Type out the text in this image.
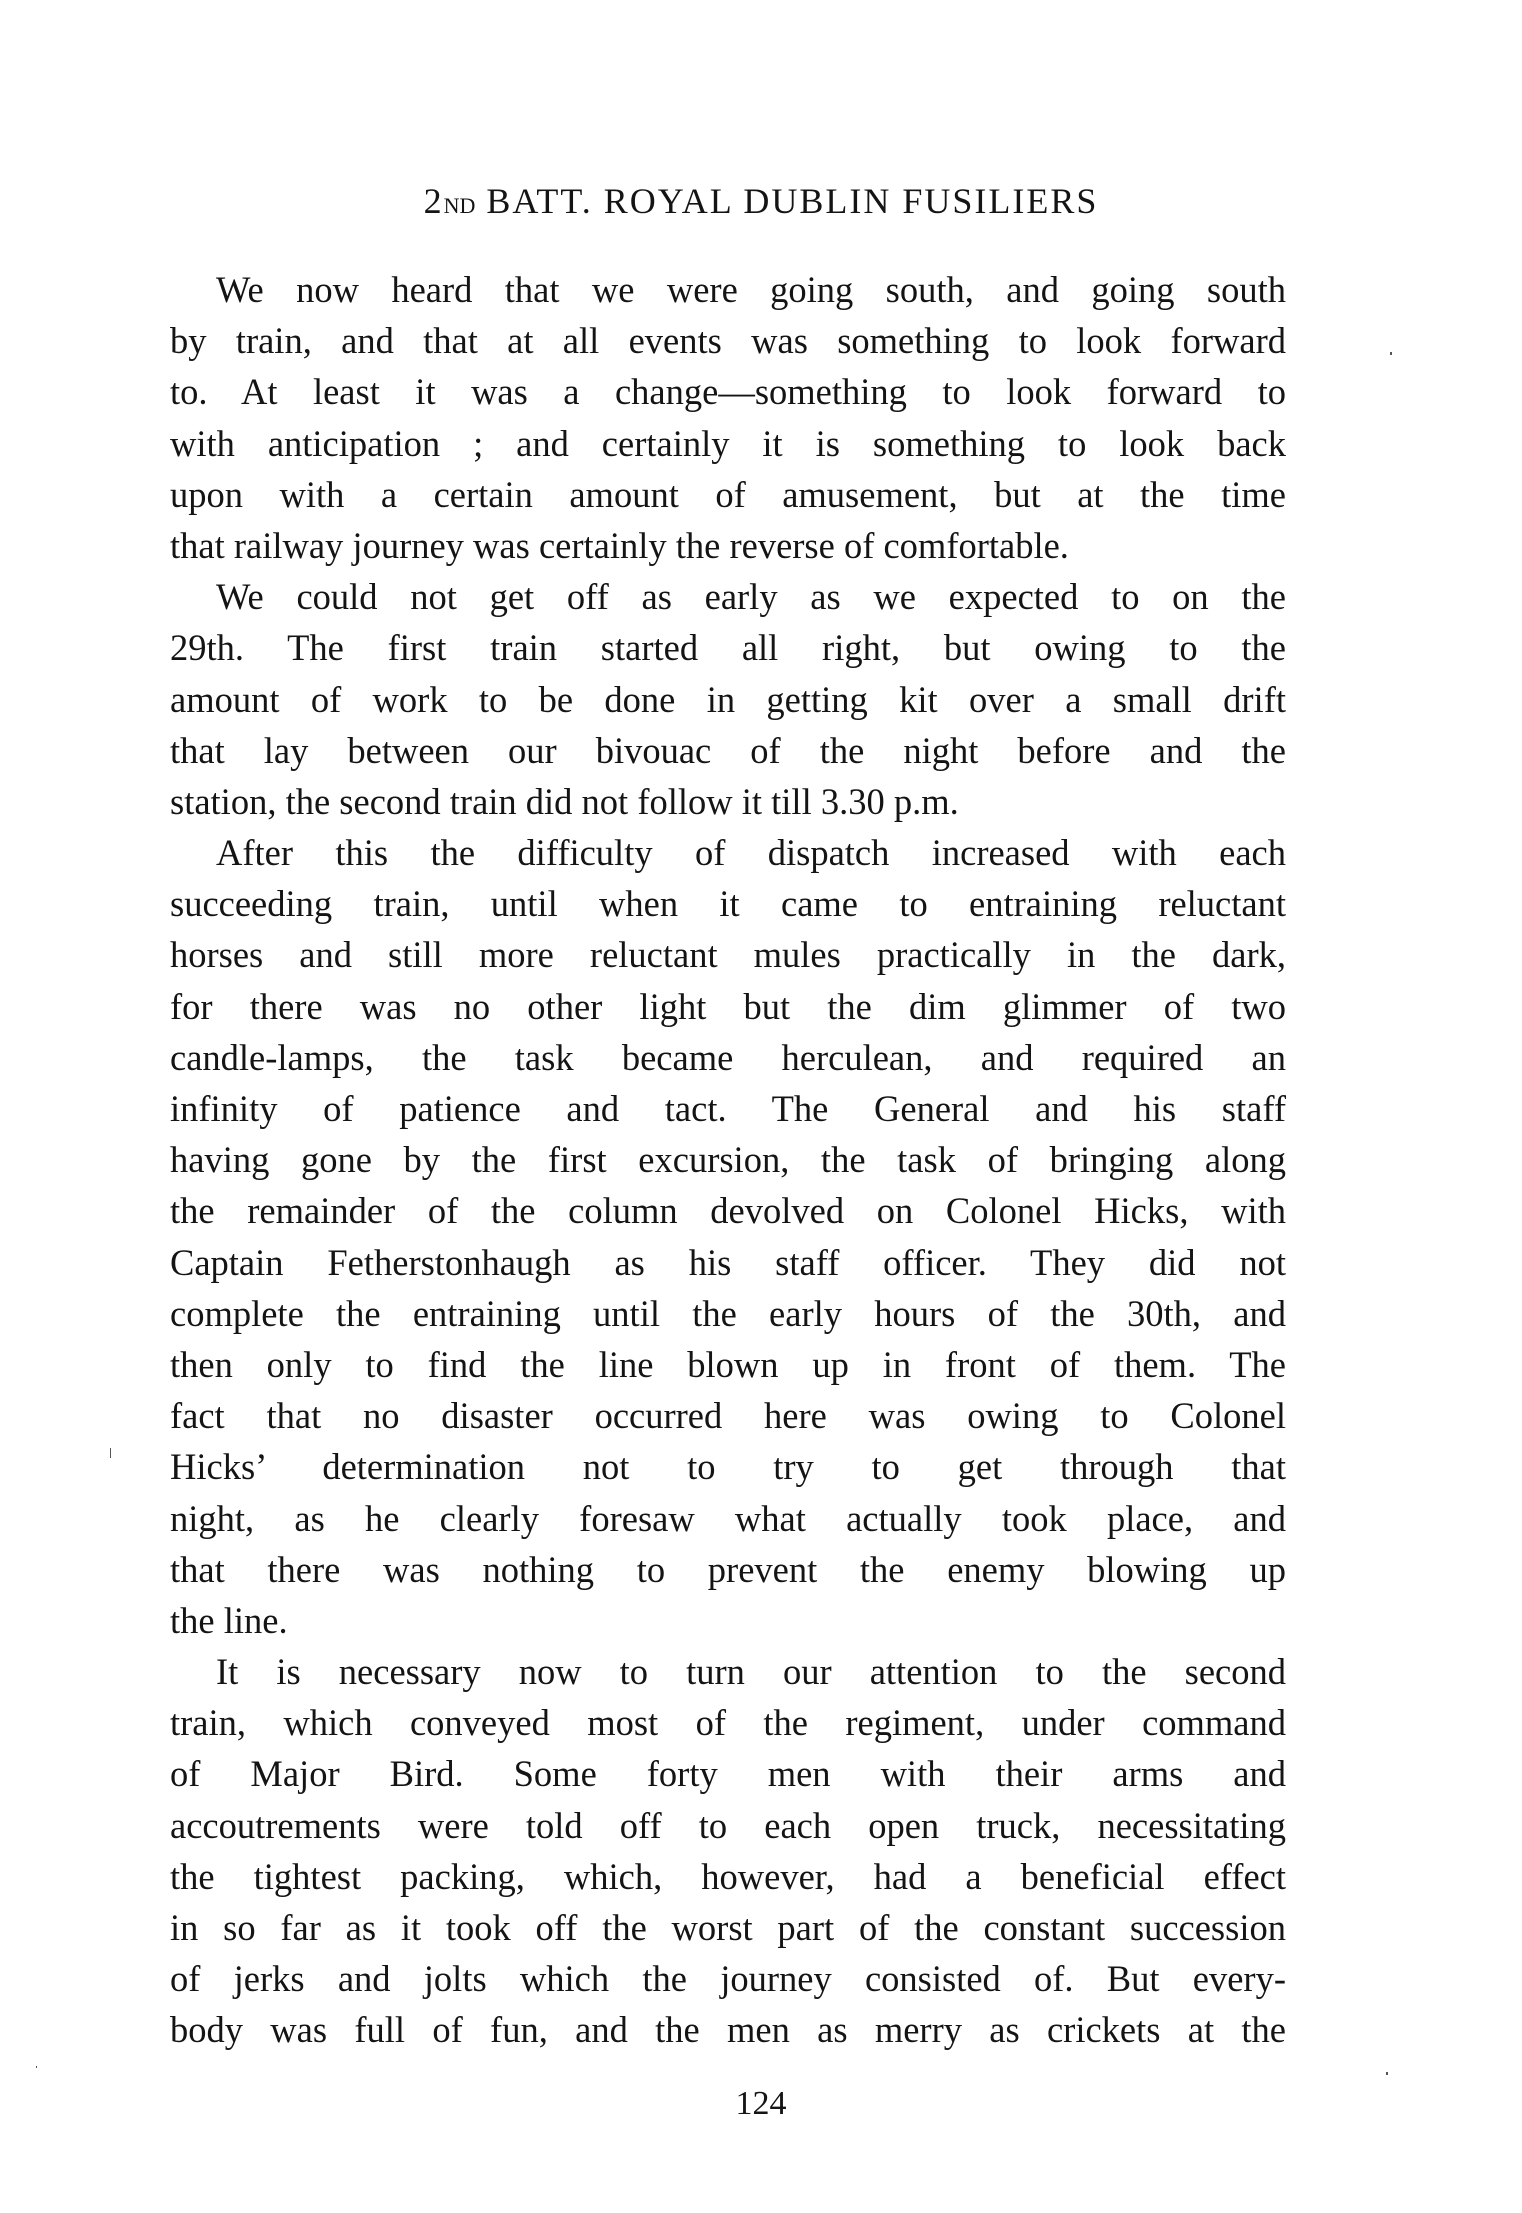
2ND BATT. ROYAL DUBLIN FUSILIERS
We now heard that we were going south, and going south
by train, and that at all events was something to look forward
to. At least it was a change—something to look forward to
with anticipation ; and certainly it is something to look back
upon with a certain amount of amusement, but at the time
that railway journey was certainly the reverse of comfortable.
We could not get off as early as we expected to on the
29th. The first train started all right, but owing to the
amount of work to be done in getting kit over a small drift
that lay between our bivouac of the night before and the
station, the second train did not follow it till 3.30 p.m.
After this the difficulty of dispatch increased with each
succeeding train, until when it came to entraining reluctant
horses and still more reluctant mules practically in the dark,
for there was no other light but the dim glimmer of two
candle-lamps, the task became herculean, and required an
infinity of patience and tact. The General and his staff
having gone by the first excursion, the task of bringing along
the remainder of the column devolved on Colonel Hicks, with
Captain Fetherstonhaugh as his staff officer. They did not
complete the entraining until the early hours of the 30th, and
then only to find the line blown up in front of them. The
fact that no disaster occurred here was owing to Colonel
Hicks’ determination not to try to get through that
night, as he clearly foresaw what actually took place, and
that there was nothing to prevent the enemy blowing up
the line.
It is necessary now to turn our attention to the second
train, which conveyed most of the regiment, under command
of Major Bird. Some forty men with their arms and
accoutrements were told off to each open truck, necessitating
the tightest packing, which, however, had a beneficial effect
in so far as it took off the worst part of the constant succession
of jerks and jolts which the journey consisted of. But every-
body was full of fun, and the men as merry as crickets at the
124
